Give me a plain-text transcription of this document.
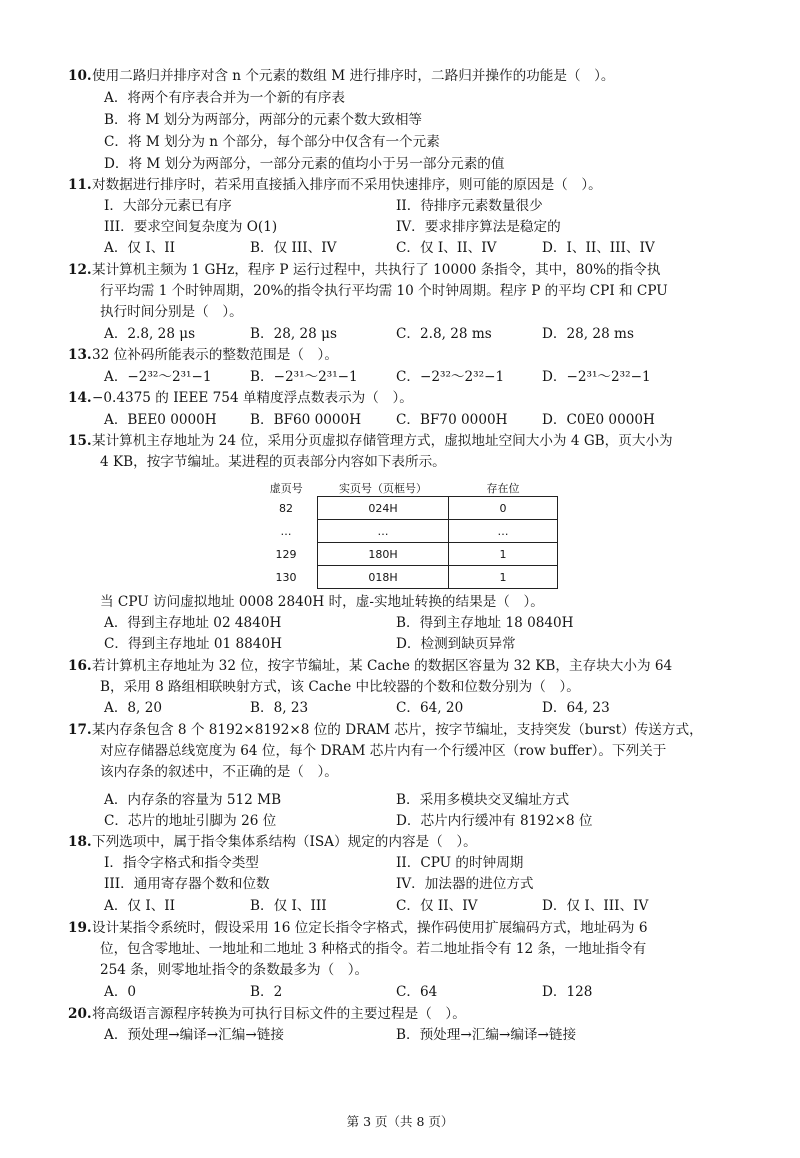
10.使用二路归并排序对含 n 个元素的数组 M 进行排序时，二路归并操作的功能是（　）。
A．将两个有序表合并为一个新的有序表
B．将 M 划分为两部分，两部分的元素个数大致相等
C．将 M 划分为 n 个部分，每个部分中仅含有一个元素
D．将 M 划分为两部分，一部分元素的值均小于另一部分元素的值
11.对数据进行排序时，若采用直接插入排序而不采用快速排序，则可能的原因是（　）。
I．大部分元素已有序	II．待排序元素数量很少
III．要求空间复杂度为 O(1)	IV．要求排序算法是稳定的
A．仅 I、II	B．仅 III、IV	C．仅 I、II、IV	D．I、II、III、IV
12.某计算机主频为 1 GHz，程序 P 运行过程中，共执行了 10000 条指令，其中，80%的指令执
行平均需 1 个时钟周期，20%的指令执行平均需 10 个时钟周期。程序 P 的平均 CPI 和 CPU
执行时间分别是（　）。
A．2.8, 28 μs	B．28, 28 μs	C．2.8, 28 ms	D．28, 28 ms
13.32 位补码所能表示的整数范围是（　）。
A．−2³²～2³¹−1	B．−2³¹～2³¹−1	C．−2³²～2³²−1	D．−2³¹～2³²−1
14.−0.4375 的 IEEE 754 单精度浮点数表示为（　）。
A．BEE0 0000H B．BF60 0000H	C．BF70 0000H	D．C0E0 0000H
15.某计算机主存地址为 24 位，采用分页虚拟存储管理方式，虚拟地址空间大小为 4 GB，页大小为
4 KB，按字节编址。某进程的页表部分内容如下表所示。
虚页号	实页号（页框号）	存在位
82	024H	0
…	…	…
129	180H	1
130	018H	1
当 CPU 访问虚拟地址 0008 2840H 时，虚-实地址转换的结果是（　）。
A．得到主存地址 02 4840H	B．得到主存地址 18 0840H
C．得到主存地址 01 8840H	D．检测到缺页异常
16.若计算机主存地址为 32 位，按字节编址，某 Cache 的数据区容量为 32 KB，主存块大小为 64
B，采用 8 路组相联映射方式，该 Cache 中比较器的个数和位数分别为（　）。
A．8, 20	B．8, 23	C．64, 20	D．64, 23
17.某内存条包含 8 个 8192×8192×8 位的 DRAM 芯片，按字节编址，支持突发（burst）传送方式，
对应存储器总线宽度为 64 位，每个 DRAM 芯片内有一个行缓冲区（row buffer）。下列关于
该内存条的叙述中，不正确的是（　）。
A．内存条的容量为 512 MB	B．采用多模块交叉编址方式
C．芯片的地址引脚为 26 位	D．芯片内行缓冲有 8192×8 位
18.下列选项中，属于指令集体系结构（ISA）规定的内容是（　）。
I．指令字格式和指令类型	II．CPU 的时钟周期
III．通用寄存器个数和位数	IV．加法器的进位方式
A．仅 I、II	B．仅 I、III	C．仅 II、IV	D．仅 I、III、IV
19.设计某指令系统时，假设采用 16 位定长指令字格式，操作码使用扩展编码方式，地址码为 6
位，包含零地址、一地址和二地址 3 种格式的指令。若二地址指令有 12 条，一地址指令有
254 条，则零地址指令的条数最多为（　）。
A．0	B．2	C．64	D．128
20.将高级语言源程序转换为可执行目标文件的主要过程是（　）。
A．预处理→编译→汇编→链接	B．预处理→汇编→编译→链接
第 3 页（共 8 页）
